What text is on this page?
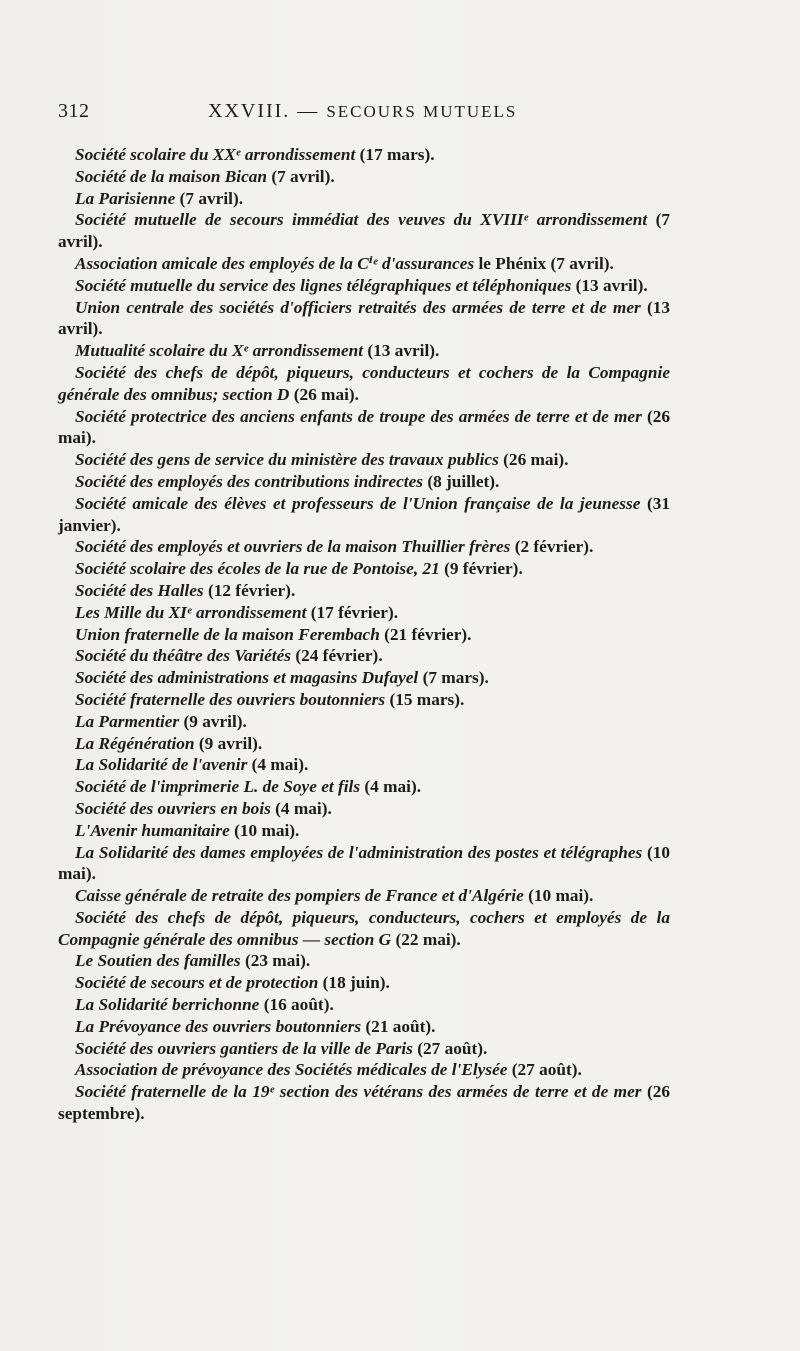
312	XXVIII. — SECOURS MUTUELS

Société scolaire du XXᵉ arrondissement (17 mars).

Société de la maison Bican (7 avril).

La Parisienne (7 avril).

Société mutuelle de secours immédiat des veuves du XVIIIᵉ arrondissement (7 avril).

Association amicale des employés de la Cⁱᵉ d'assurances le Phénix (7 avril).

Société mutuelle du service des lignes télégraphiques et téléphoniques (13 avril).

Union centrale des sociétés d'officiers retraités des armées de terre et de mer (13 avril).

Mutualité scolaire du Xᵉ arrondissement (13 avril).

Société des chefs de dépôt, piqueurs, conducteurs et cochers de la Compagnie générale des omnibus; section D (26 mai).

Société protectrice des anciens enfants de troupe des armées de terre et de mer (26 mai).

Société des gens de service du ministère des travaux publics (26 mai).

Société des employés des contributions indirectes (8 juillet).

Société amicale des élèves et professeurs de l'Union française de la jeunesse (31 janvier).

Société des employés et ouvriers de la maison Thuillier frères (2 février).

Société scolaire des écoles de la rue de Pontoise, 21 (9 février).

Société des Halles (12 février).

Les Mille du XIᵉ arrondissement (17 février).

Union fraternelle de la maison Ferembach (21 février).

Société du théâtre des Variétés (24 février).

Société des administrations et magasins Dufayel (7 mars).

Société fraternelle des ouvriers boutonniers (15 mars).

La Parmentier (9 avril).

La Régénération (9 avril).

La Solidarité de l'avenir (4 mai).

Société de l'imprimerie L. de Soye et fils (4 mai).

Société des ouvriers en bois (4 mai).

L'Avenir humanitaire (10 mai).

La Solidarité des dames employées de l'administration des postes et télégraphes (10 mai).

Caisse générale de retraite des pompiers de France et d'Algérie (10 mai).

Société des chefs de dépôt, piqueurs, conducteurs, cochers et employés de la Compagnie générale des omnibus — section G (22 mai).

Le Soutien des familles (23 mai).

Société de secours et de protection (18 juin).

La Solidarité berrichonne (16 août).

La Prévoyance des ouvriers boutonniers (21 août).

Société des ouvriers gantiers de la ville de Paris (27 août).

Association de prévoyance des Sociétés médicales de l'Elysée (27 août).

Société fraternelle de la 19ᵉ section des vétérans des armées de terre et de mer (26 septembre).
